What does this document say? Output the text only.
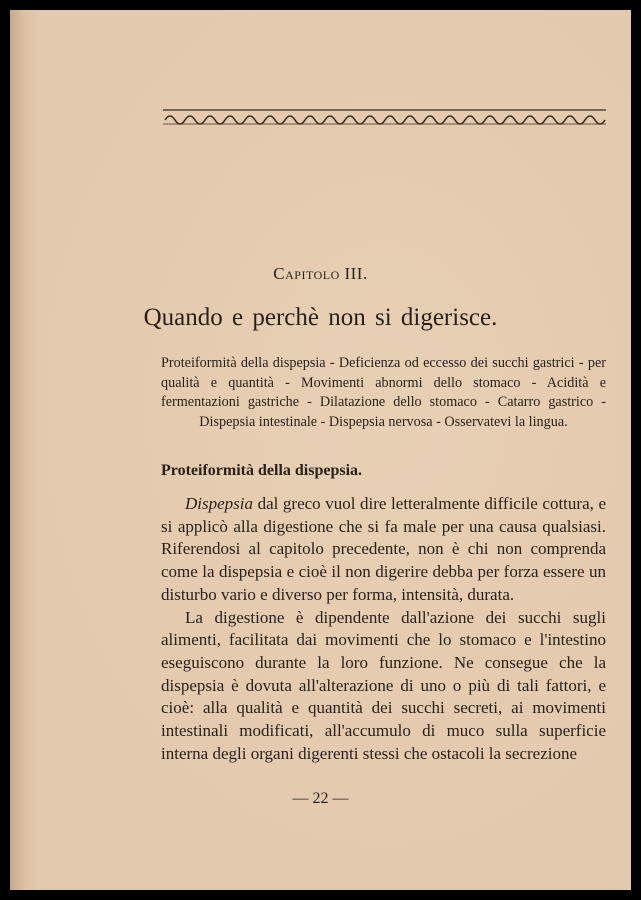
Capitolo III.
Quando e perchè non si digerisce.
Proteiformità della dispepsia - Deficienza od eccesso dei succhi gastrici - per qualità e quantità - Movimenti abnormi dello stomaco - Acidità e fermentazioni gastriche - Dilatazione dello stomaco - Catarro gastrico - Dispepsia intestinale - Dispepsia nervosa - Osservatevi la lingua.
Proteiformità della dispepsia.

Dispepsia dal greco vuol dire letteralmente difficile cottura, e si applicò alla digestione che si fa male per una causa qualsiasi. Riferendosi al capitolo precedente, non è chi non comprenda come la dispepsia e cioè il non digerire debba per forza essere un disturbo vario e diverso per forma, intensità, durata.

La digestione è dipendente dall'azione dei succhi sugli alimenti, facilitata dai movimenti che lo stomaco e l'intestino eseguiscono durante la loro funzione. Ne consegue che la dispepsia è dovuta all'alterazione di uno o più di tali fattori, e cioè: alla qualità e quantità dei succhi secreti, ai movimenti intestinali modificati, all'accumulo di muco sulla superficie interna degli organi digerenti stessi che ostacoli la secrezione

— 22 —
